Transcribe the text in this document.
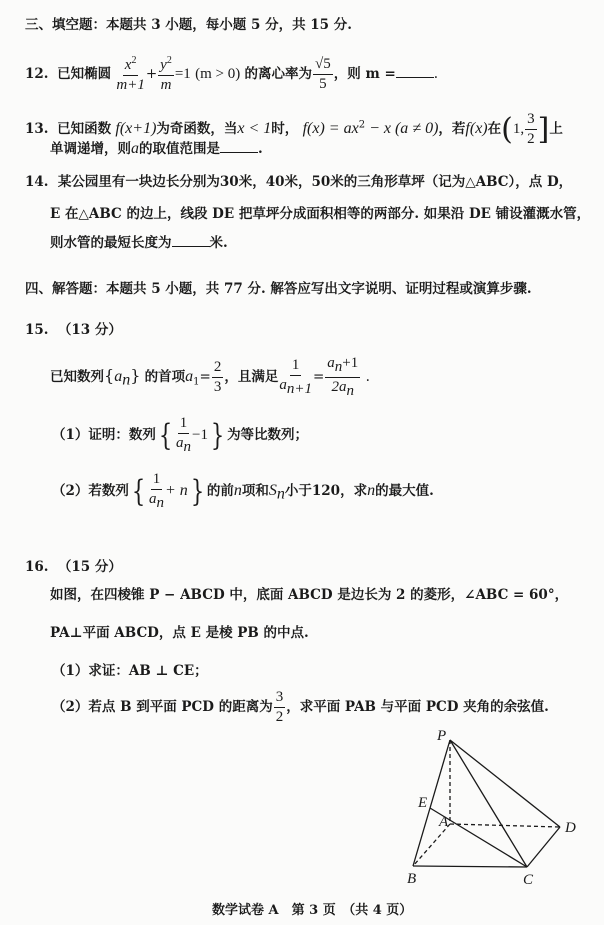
三、填空题：本题共 3 小题，每小题 5 分，共 15 分.
12. 已知椭圆 $\frac{x^2}{m+1} + \frac{y^2}{m} =1$ (m > 0) 的离心率为 $\frac{√5}{5}$ ，则 m =	.
13. 已知函数 f(x+1)为奇函数，当x < 1时， $f(x) = ax^2 - x$ (a ≠ 0)，若f(x)在(1, $\frac{3}{2}$ ]上
单调递增，则a的取值范围是	.
14. 某公园里有一块边长分别为30米，40米，50米的三角形草坪（记为△ABC），点 D，
E 在△ABC 的边上，线段 DE 把草坪分成面积相等的两部分. 如果沿 DE 铺设灌溉水管，
则水管的最短长度为	米.
四、解答题：本题共 5 小题，共 77 分. 解答应写出文字说明、证明过程或演算步骤.
15. （13 分）
已知数列$\{a_n\}$ 的首项$a_1= \frac{2}{3}$ ，且满足 $\frac{1}{a_{n+1}} = \frac{a_n+1}{2a_n}$ .
（1）证明：数列{ $\frac{1}{a_n} -1$} 为等比数列；
（2）若数列{ $\frac{1}{a_n} + n$} 的前n项和$S_n$小于120，求n的最大值.
16. （15 分）
如图，在四棱锥 P − ABCD 中，底面 ABCD 是边长为 2 的菱形，∠ABC = 60°，
PA⊥平面 ABCD，点 E 是棱 PB 的中点.
（1）求证：AB ⊥ CE；
（2）若点 B 到平面 PCD 的距离为 $\frac{3}{2}$ ，求平面 PAB 与平面 PCD 夹角的余弦值.
P
E
A	D
B	C
数学试卷 A　第 3 页　（共 4 页）
